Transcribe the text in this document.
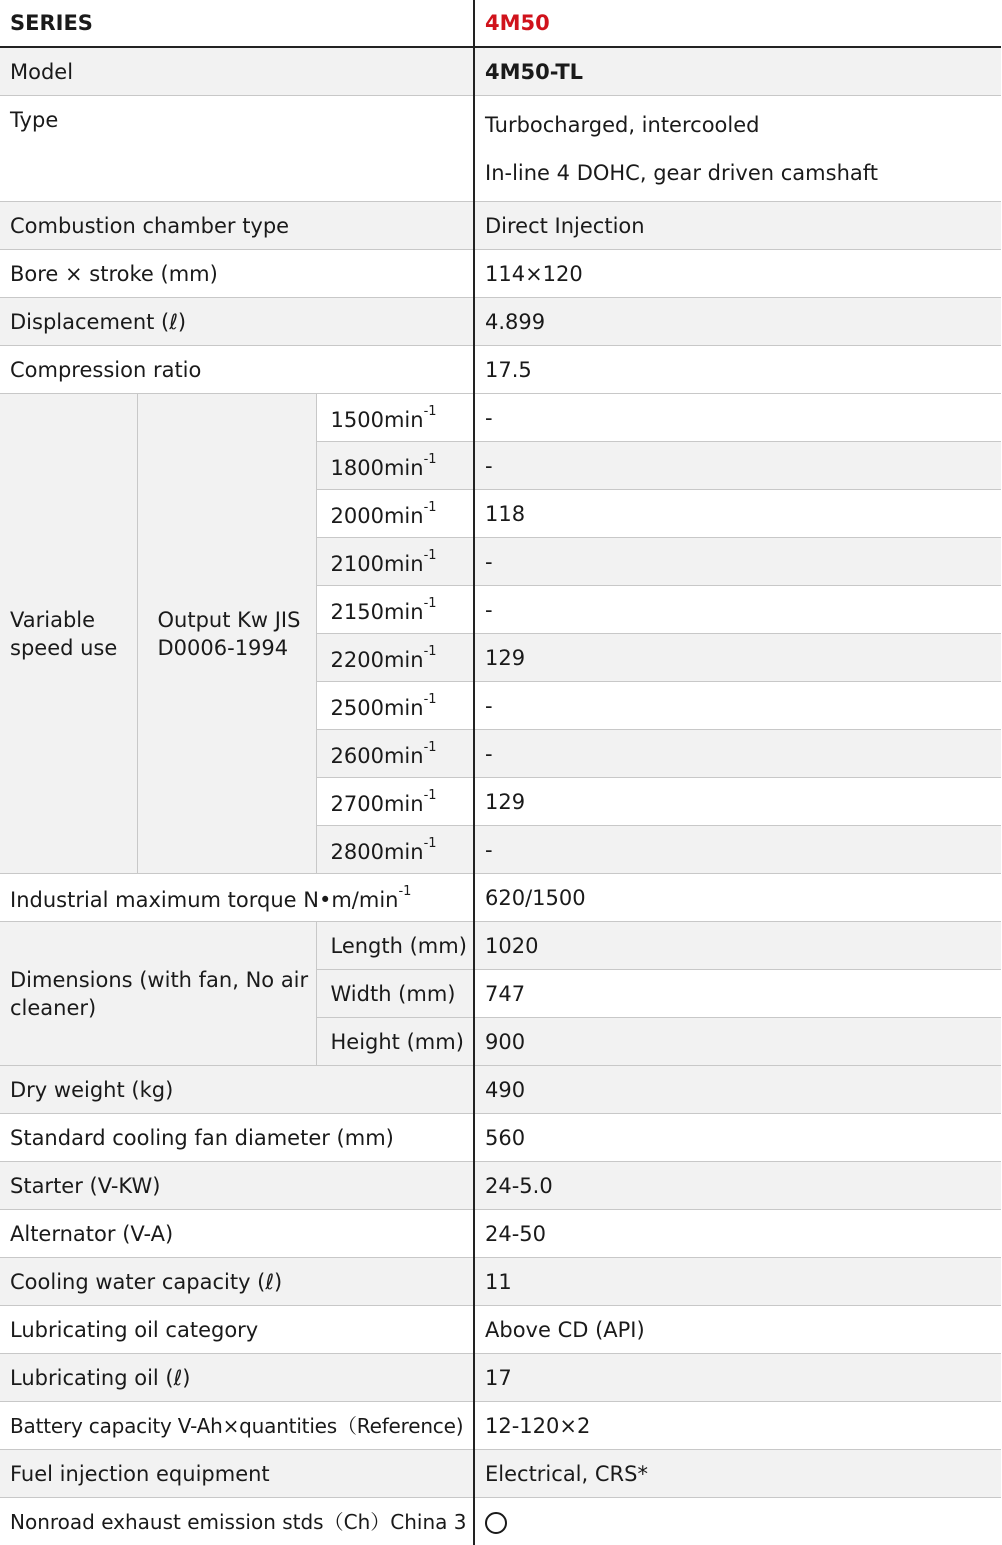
SERIES			4M50
Model			4M50-TL
Type			Turbocharged, intercooled
In-line 4 DOHC, gear driven camshaft

Combustion chamber type			Direct Injection
Bore × stroke (mm)			114×120
Displacement (ℓ)			4.899
Compression ratio			17.5
Variable speed use	Output Kw JIS D0006-1994	$1500\min^{-1}$	-
		$1800\min^{-1}$	-
		$2000\min^{-1}$	118
		$2100\min^{-1}$	-
		$2150\min^{-1}$	-
		$2200\min^{-1}$	129
		$2500\min^{-1}$	-
		$2600\min^{-1}$	-
		$2700\min^{-1}$	129
		$2800\min^{-1}$	-
Industrial maximum torque $N•m/\min^{-1}$			620/1500
Dimensions (with fan, No air cleaner)		Length (mm)	1020
		Width (mm)	747
		Height (mm)	900
Dry weight (kg)			490
Standard cooling fan diameter (mm)			560
Starter (V-KW)			24-5.0
Alternator (V-A)			24-50
Cooling water capacity (ℓ)			11
Lubricating oil category			Above CD (API)
Lubricating oil (ℓ)			17
Battery capacity V-Ah×quantities（Reference)			12-120×2
Fuel injection equipment			Electrical, CRS*
Nonroad exhaust emission stds（Ch）China 3			
